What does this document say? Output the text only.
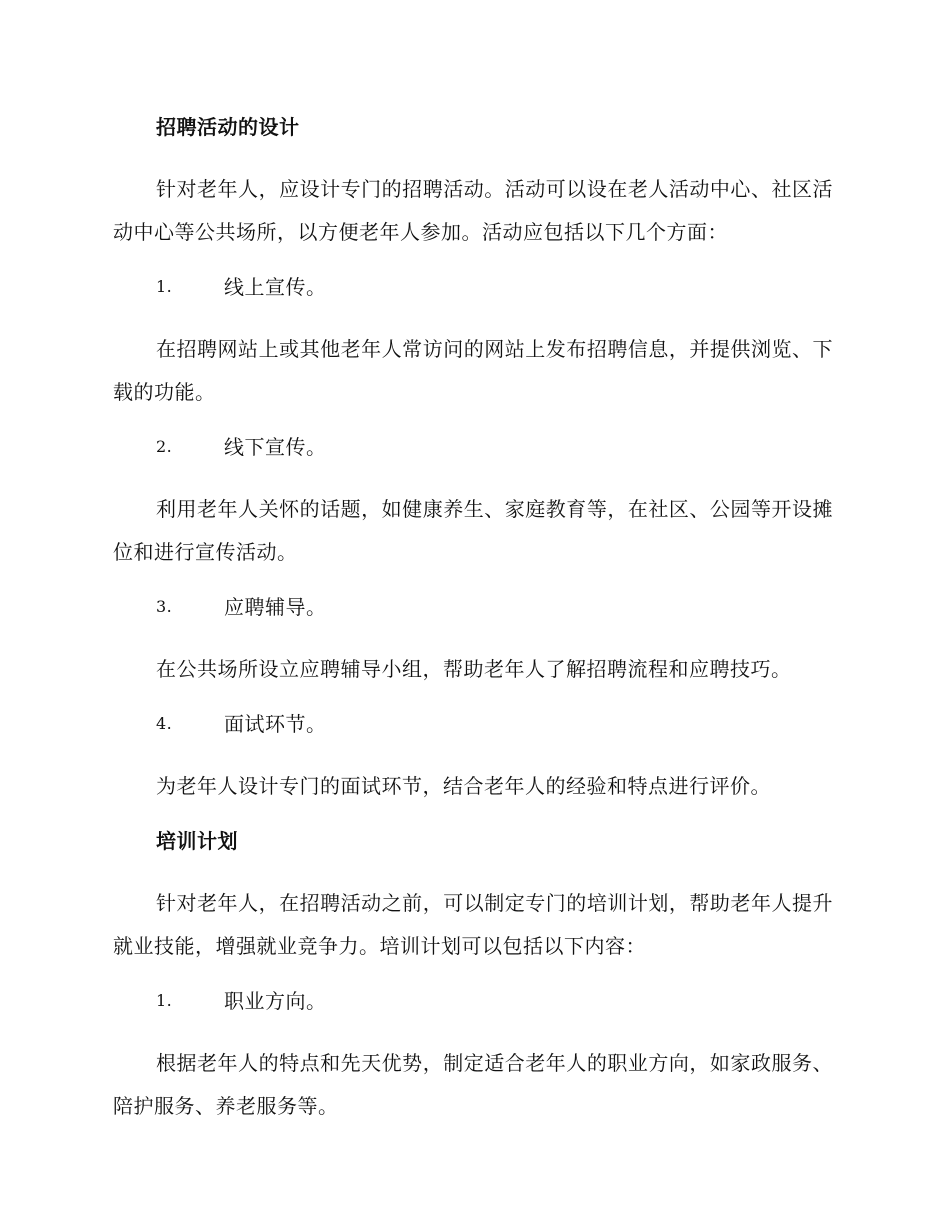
招聘活动的设计
针对老年人，应设计专门的招聘活动。活动可以设在老人活动中心、社区活动中心等公共场所，以方便老年人参加。活动应包括以下几个方面：
1.	线上宣传。
在招聘网站上或其他老年人常访问的网站上发布招聘信息，并提供浏览、下载的功能。
2.	线下宣传。
利用老年人关怀的话题，如健康养生、家庭教育等，在社区、公园等开设摊位和进行宣传活动。
3.	应聘辅导。
在公共场所设立应聘辅导小组，帮助老年人了解招聘流程和应聘技巧。
4.	面试环节。
为老年人设计专门的面试环节，结合老年人的经验和特点进行评价。
培训计划
针对老年人，在招聘活动之前，可以制定专门的培训计划，帮助老年人提升就业技能，增强就业竞争力。培训计划可以包括以下内容：
1.	职业方向。
根据老年人的特点和先天优势，制定适合老年人的职业方向，如家政服务、陪护服务、养老服务等。
